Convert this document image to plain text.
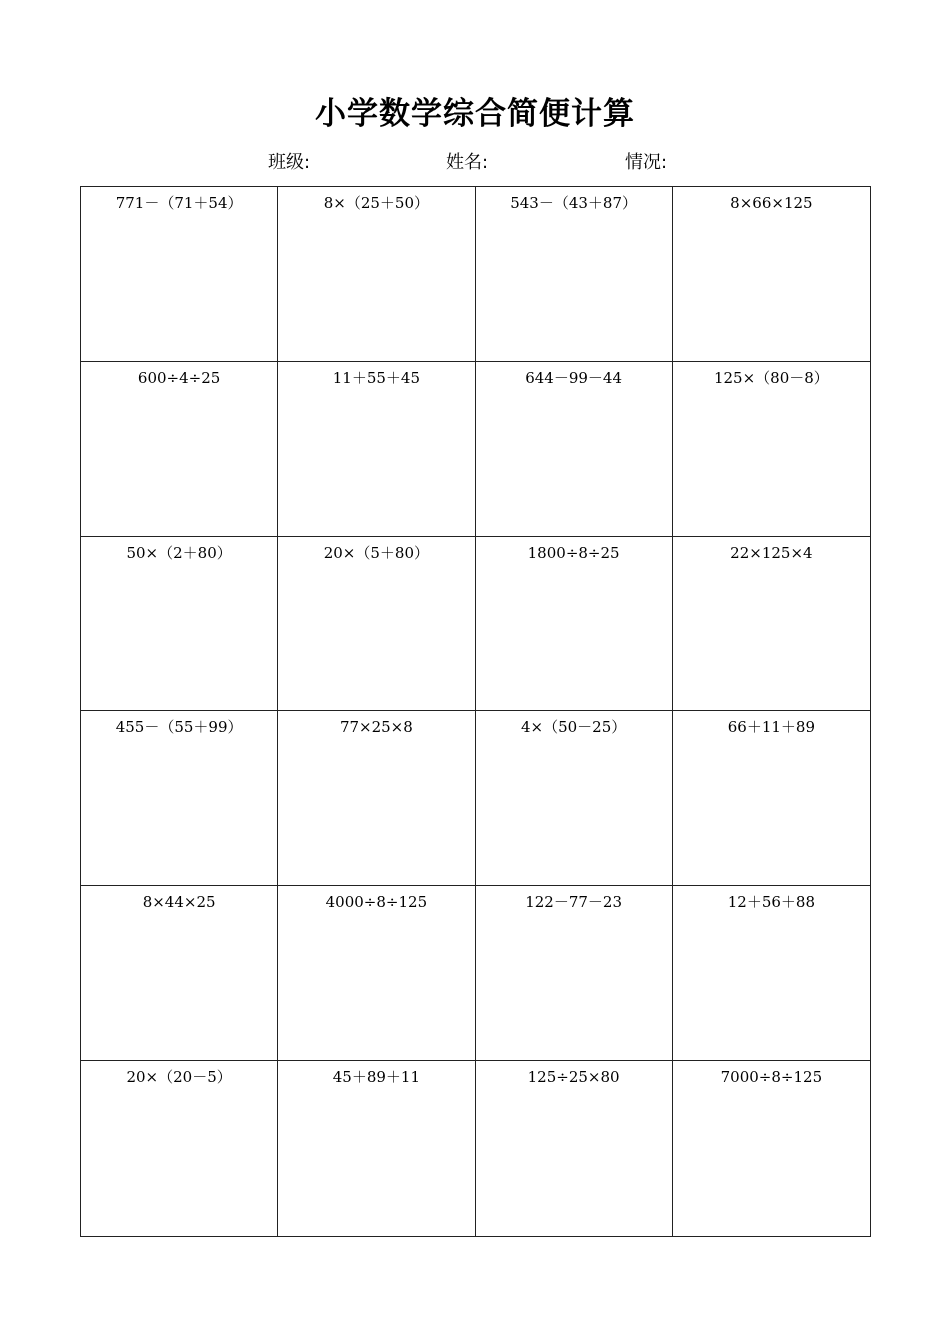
小学数学综合简便计算
班级:	姓名:	情况:
771－（71＋54）	8×（25＋50）	543－（43＋87）	8×66×125
600÷4÷25	11＋55＋45	644－99－44	125×（80－8）
50×（2＋80）	20×（5＋80）	1800÷8÷25	22×125×4
455－（55＋99）	77×25×8	4×（50－25）	66＋11＋89
8×44×25	4000÷8÷125	122－77－23	12＋56＋88
20×（20－5）	45＋89＋11	125÷25×80	7000÷8÷125
